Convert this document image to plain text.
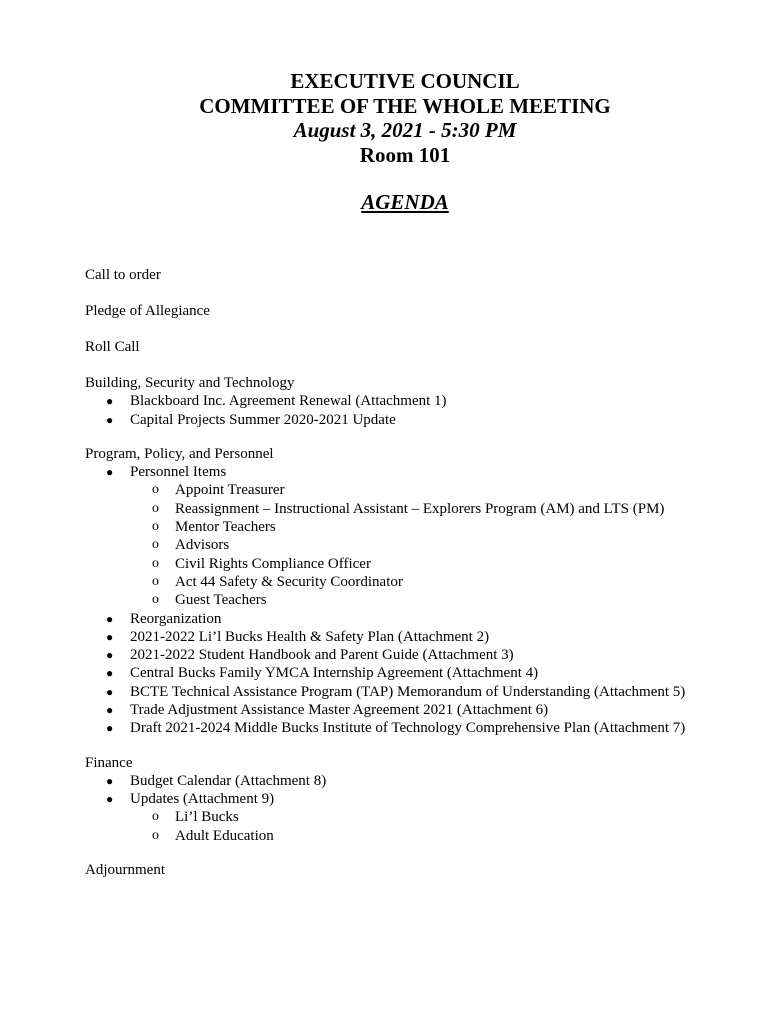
EXECUTIVE COUNCIL
COMMITTEE OF THE WHOLE MEETING
August 3, 2021 - 5:30 PM
Room 101
AGENDA

Call to order

Pledge of Allegiance

Roll Call

Building, Security and Technology

● Blackboard Inc. Agreement Renewal (Attachment 1)
● Capital Projects Summer 2020-2021 Update

Program, Policy, and Personnel

● Personnel Items
o Appoint Treasurer
o Reassignment – Instructional Assistant – Explorers Program (AM) and LTS (PM)
o Mentor Teachers
o Advisors
o Civil Rights Compliance Officer
o Act 44 Safety & Security Coordinator
o Guest Teachers
● Reorganization
● 2021-2022 Li’l Bucks Health & Safety Plan (Attachment 2)
● 2021-2022 Student Handbook and Parent Guide (Attachment 3)
● Central Bucks Family YMCA Internship Agreement (Attachment 4)
● BCTE Technical Assistance Program (TAP) Memorandum of Understanding (Attachment 5)
● Trade Adjustment Assistance Master Agreement 2021 (Attachment 6)
● Draft 2021-2024 Middle Bucks Institute of Technology Comprehensive Plan (Attachment 7)

Finance

● Budget Calendar (Attachment 8)
● Updates (Attachment 9)
o Li’l Bucks
o Adult Education

Adjournment
